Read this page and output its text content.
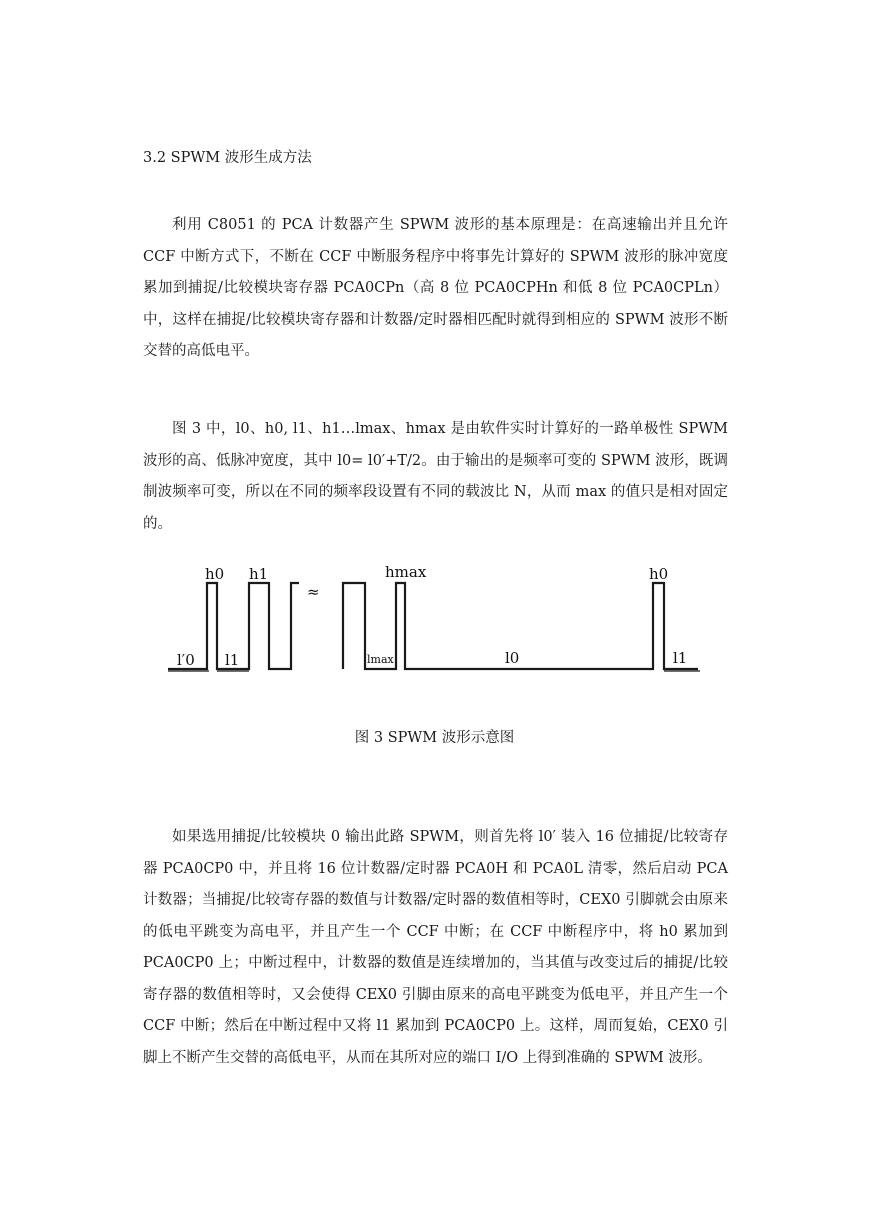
3.2 SPWM 波形生成方法

利用 C8051 的 PCA 计数器产生 SPWM 波形的基本原理是：在高速输出并且允许 CCF 中断方式下，不断在 CCF 中断服务程序中将事先计算好的 SPWM 波形的脉冲宽度累加到捕捉/比较模块寄存器 PCA0CPn（高 8 位 PCA0CPHn 和低 8 位 PCA0CPLn）中，这样在捕捉/比较模块寄存器和计数器/定时器相匹配时就得到相应的 SPWM 波形不断交替的高低电平。

图 3 中，l0、h0, l1、h1…lmax、hmax 是由软件实时计算好的一路单极性 SPWM 波形的高、低脉冲宽度，其中 l0= l0′+T/2。由于输出的是频率可变的 SPWM 波形，既调制波频率可变，所以在不同的频率段设置有不同的载波比 N，从而 max 的值只是相对固定的。

≈
h0 h1	hmax	h0
l′0 l1	lmax	l0	l1

图 3 SPWM 波形示意图

如果选用捕捉/比较模块 0 输出此路 SPWM，则首先将 l0′ 装入 16 位捕捉/比较寄存器 PCA0CP0 中，并且将 16 位计数器/定时器 PCA0H 和 PCA0L 清零，然后启动 PCA 计数器；当捕捉/比较寄存器的数值与计数器/定时器的数值相等时，CEX0 引脚就会由原来的低电平跳变为高电平，并且产生一个 CCF 中断；在 CCF 中断程序中，将 h0 累加到 PCA0CP0 上；中断过程中，计数器的数值是连续增加的，当其值与改变过后的捕捉/比较寄存器的数值相等时，又会使得 CEX0 引脚由原来的高电平跳变为低电平，并且产生一个 CCF 中断；然后在中断过程中又将 l1 累加到 PCA0CP0 上。这样，周而复始，CEX0 引脚上不断产生交替的高低电平，从而在其所对应的端口 I/O 上得到准确的 SPWM 波形。
